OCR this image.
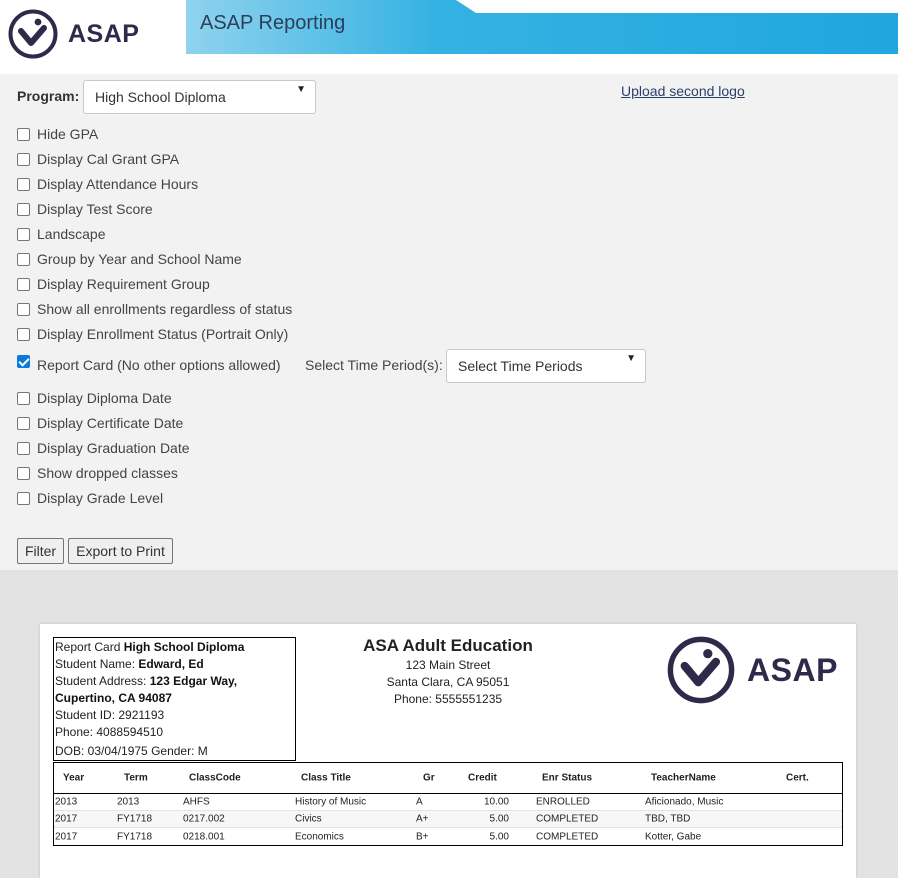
ASAP	ASAP Reporting
Program: High School Diploma	▼	Upload second logo
Hide GPA
Display Cal Grant GPA
Display Attendance Hours
Display Test Score
Landscape
Group by Year and School Name
Display Requirement Group
Show all enrollments regardless of status
Display Enrollment Status (Portrait Only)
Report Card (No other options allowed) Select Time Period(s): Select Time Periods	▼
Display Diploma Date
Display Certificate Date
Display Graduation Date
Show dropped classes
Display Grade Level
Filter	Export to Print
Report Card High School Diploma
Student Name: Edward, Ed
Student Address: 123 Edgar Way,
Cupertino, CA 94087
Student ID: 2921193
Phone: 4088594510
DOB: 03/04/1975 Gender: M
ASA Adult Education
123 Main Street
Santa Clara, CA 95051
Phone: 5555551235
ASAP
Year	Term	ClassCode	Class Title	Gr	Credit	Enr Status	TeacherName	Cert.
2013	2013	AHFS	History of Music	A	10.00	ENROLLED	Aficionado, Music
2017	FY1718	0217.002	Civics	A+	5.00	COMPLETED	TBD, TBD
2017	FY1718	0218.001	Economics	B+	5.00	COMPLETED	Kotter, Gabe
